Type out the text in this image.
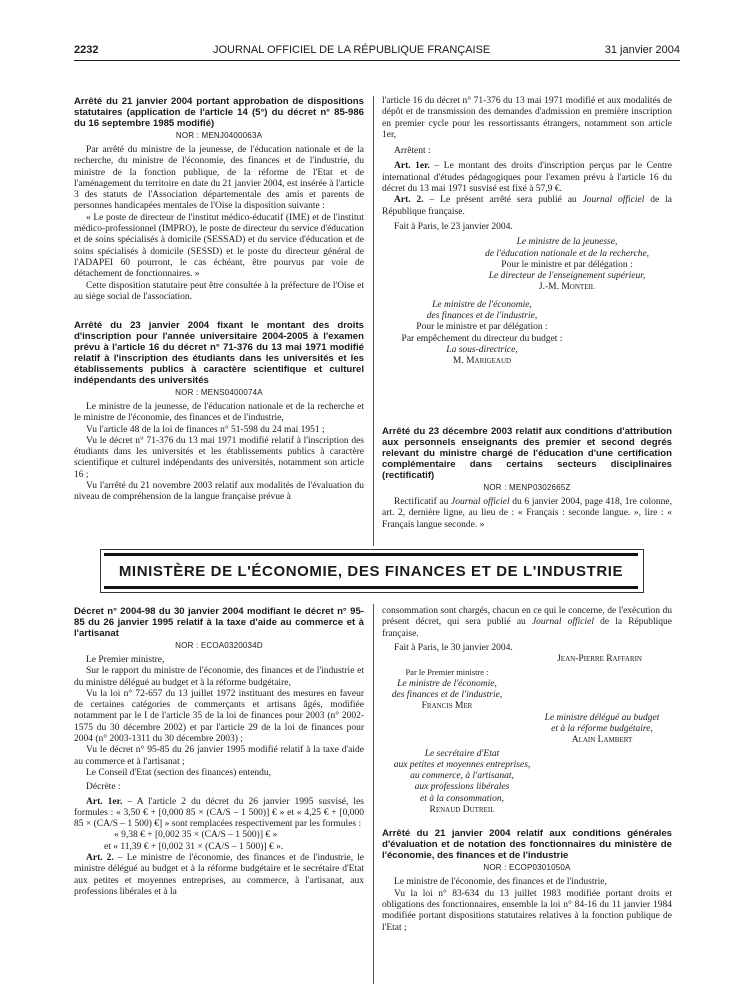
2232	JOURNAL OFFICIEL DE LA RÉPUBLIQUE FRANÇAISE	31 janvier 2004

Arrêté du 21 janvier 2004 portant approbation de dispositions statutaires (application de l'article 14 (5°) du décret n° 85-986 du 16 septembre 1985 modifié)

NOR : MENJ0400063A

Par arrêté du ministre de la jeunesse, de l'éducation nationale et de la recherche, du ministre de l'économie, des finances et de l'industrie, du ministre de la fonction publique, de la réforme de l'Etat et de l'aménagement du territoire en date du 21 janvier 2004, est insérée à l'article 3 des statuts de l'Association départementale des amis et parents de personnes handicapées mentales de l'Oise la disposition suivante :

« Le poste de directeur de l'institut médico-éducatif (IME) et de l'institut médico-professionnel (IMPRO), le poste de directeur du service d'éducation et de soins spécialisés à domicile (SESSAD) et du service d'éducation et de soins spécialisés à domicile (SESSD) et le poste du directeur général de l'ADAPEI 60 pourront, le cas échéant, être pourvus par voie de détachement de fonctionnaires. »

Cette disposition statutaire peut être consultée à la préfecture de l'Oise et au siège social de l'association.

Arrêté du 23 janvier 2004 fixant le montant des droits d'inscription pour l'année universitaire 2004-2005 à l'examen prévu à l'article 16 du décret n° 71-376 du 13 mai 1971 modifié relatif à l'inscription des étudiants dans les universités et les établissements publics à caractère scientifique et culturel indépendants des universités

NOR : MENS0400074A

Le ministre de la jeunesse, de l'éducation nationale et de la recherche et le ministre de l'économie, des finances et de l'industrie,

Vu l'article 48 de la loi de finances n° 51-598 du 24 mai 1951 ;

Vu le décret n° 71-376 du 13 mai 1971 modifié relatif à l'inscription des étudiants dans les universités et les établissements publics à caractère scientifique et culturel indépendants des universités, notamment son article 16 ;

Vu l'arrêté du 21 novembre 2003 relatif aux modalités de l'évaluation du niveau de compréhension de la langue française prévue à

l'article 16 du décret n° 71-376 du 13 mai 1971 modifié et aux modalités de dépôt et de transmission des demandes d'admission en première inscription en premier cycle pour les ressortissants étrangers, notamment son article 1er,

Arrêtent :

Art. 1er. – Le montant des droits d'inscription perçus par le Centre international d'études pédagogiques pour l'examen prévu à l'article 16 du décret du 13 mai 1971 susvisé est fixé à 57,9 €.

Art. 2. – Le présent arrêté sera publié au Journal officiel de la République française.

Fait à Paris, le 23 janvier 2004.

Le ministre de la jeunesse,

de l'éducation nationale et de la recherche,

Pour le ministre et par délégation :

Le directeur de l'enseignement supérieur,

J.-M. Monteil

Le ministre de l'économie,

des finances et de l'industrie,

Pour le ministre et par délégation :

Par empêchement du directeur du budget :

La sous-directrice,

M. Marigeaud

Arrêté du 23 décembre 2003 relatif aux conditions d'attribution aux personnels enseignants des premier et second degrés relevant du ministre chargé de l'éducation d'une certification complémentaire dans certains secteurs disciplinaires (rectificatif)

NOR : MENP0302665Z

Rectificatif au Journal officiel du 6 janvier 2004, page 418, 1re colonne, art. 2, dernière ligne, au lieu de : « Français : seconde langue. », lire : « Français langue seconde. »

MINISTÈRE DE L'ÉCONOMIE, DES FINANCES ET DE L'INDUSTRIE

Décret n° 2004-98 du 30 janvier 2004 modifiant le décret n° 95-85 du 26 janvier 1995 relatif à la taxe d'aide au commerce et à l'artisanat

NOR : ECOA0320034D

Le Premier ministre,

Sur le rapport du ministre de l'économie, des finances et de l'industrie et du ministre délégué au budget et à la réforme budgétaire,

Vu la loi n° 72-657 du 13 juillet 1972 instituant des mesures en faveur de certaines catégories de commerçants et artisans âgés, modifiée notamment par le I de l'article 35 de la loi de finances pour 2003 (n° 2002-1575 du 30 décembre 2002) et par l'article 29 de la loi de finances pour 2004 (n° 2003-1311 du 30 décembre 2003) ;

Vu le décret n° 95-85 du 26 janvier 1995 modifié relatif à la taxe d'aide au commerce et à l'artisanat ;

Le Conseil d'Etat (section des finances) entendu,

Décrète :

Art. 1er. – A l'article 2 du décret du 26 janvier 1995 susvisé, les formules : « 3,50 € + [0,000 85 × (CA/S – 1 500)] € » et « 4,25 € + [0,000 85 × (CA/S – 1 500) €] » sont remplacées respectivement par les formules :

« 9,38 € + [0,002 35 × (CA/S – 1 500)] € »

et « 11,39 € + [0,002 31 × (CA/S – 1 500)] € ».

Art. 2. – Le ministre de l'économie, des finances et de l'industrie, le ministre délégué au budget et à la réforme budgétaire et le secrétaire d'Etat aux petites et moyennes entreprises, au commerce, à l'artisanat, aux professions libérales et à la

consommation sont chargés, chacun en ce qui le concerne, de l'exécution du présent décret, qui sera publié au Journal officiel de la République française.

Fait à Paris, le 30 janvier 2004.

Jean-Pierre Raffarin

Par le Premier ministre :

Le ministre de l'économie,

des finances et de l'industrie,

Francis Mer

Le ministre délégué au budget

et à la réforme budgétaire,

Alain Lambert

Le secrétaire d'Etat

aux petites et moyennes entreprises,

au commerce, à l'artisanat,

aux professions libérales

et à la consommation,

Renaud Dutreil

Arrêté du 21 janvier 2004 relatif aux conditions générales d'évaluation et de notation des fonctionnaires du ministère de l'économie, des finances et de l'industrie

NOR : ECOP0301050A

Le ministre de l'économie, des finances et de l'industrie,

Vu la loi n° 83-634 du 13 juillet 1983 modifiée portant droits et obligations des fonctionnaires, ensemble la loi n° 84-16 du 11 janvier 1984 modifiée portant dispositions statutaires relatives à la fonction publique de l'Etat ;
